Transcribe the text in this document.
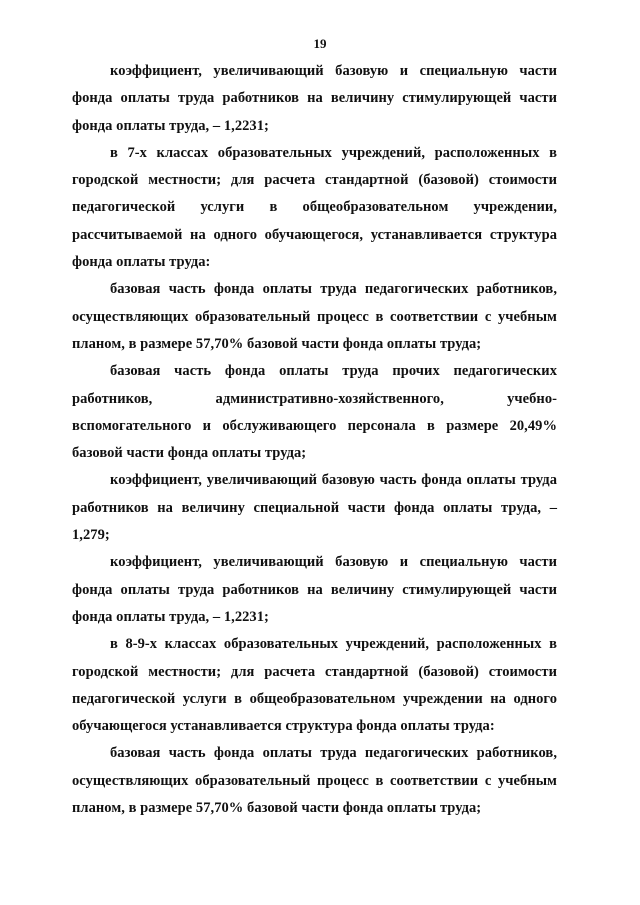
19

коэффициент, увеличивающий базовую и специальную части фонда оплаты труда работников на величину стимулирующей части фонда оплаты труда, – 1,2231;

в 7-х классах образовательных учреждений, расположенных в городской местности; для расчета стандартной (базовой) стоимости педагогической услуги в общеобразовательном учреждении, рассчитываемой на одного обучающегося, устанавливается структура фонда оплаты труда:

базовая часть фонда оплаты труда педагогических работников, осуществляющих образовательный процесс в соответствии с учебным планом, в размере 57,70% базовой части фонда оплаты труда;

базовая часть фонда оплаты труда прочих педагогических работников, административно-хозяйственного, учебно-вспомогательного и обслуживающего персонала в размере 20,49% базовой части фонда оплаты труда;

коэффициент, увеличивающий базовую часть фонда оплаты труда работников на величину специальной части фонда оплаты труда, – 1,279;

коэффициент, увеличивающий базовую и специальную части фонда оплаты труда работников на величину стимулирующей части фонда оплаты труда, – 1,2231;

в 8-9-х классах образовательных учреждений, расположенных в городской местности; для расчета стандартной (базовой) стоимости педагогической услуги в общеобразовательном учреждении на одного обучающегося устанавливается структура фонда оплаты труда:

базовая часть фонда оплаты труда педагогических работников, осуществляющих образовательный процесс в соответствии с учебным планом, в размере 57,70% базовой части фонда оплаты труда;
